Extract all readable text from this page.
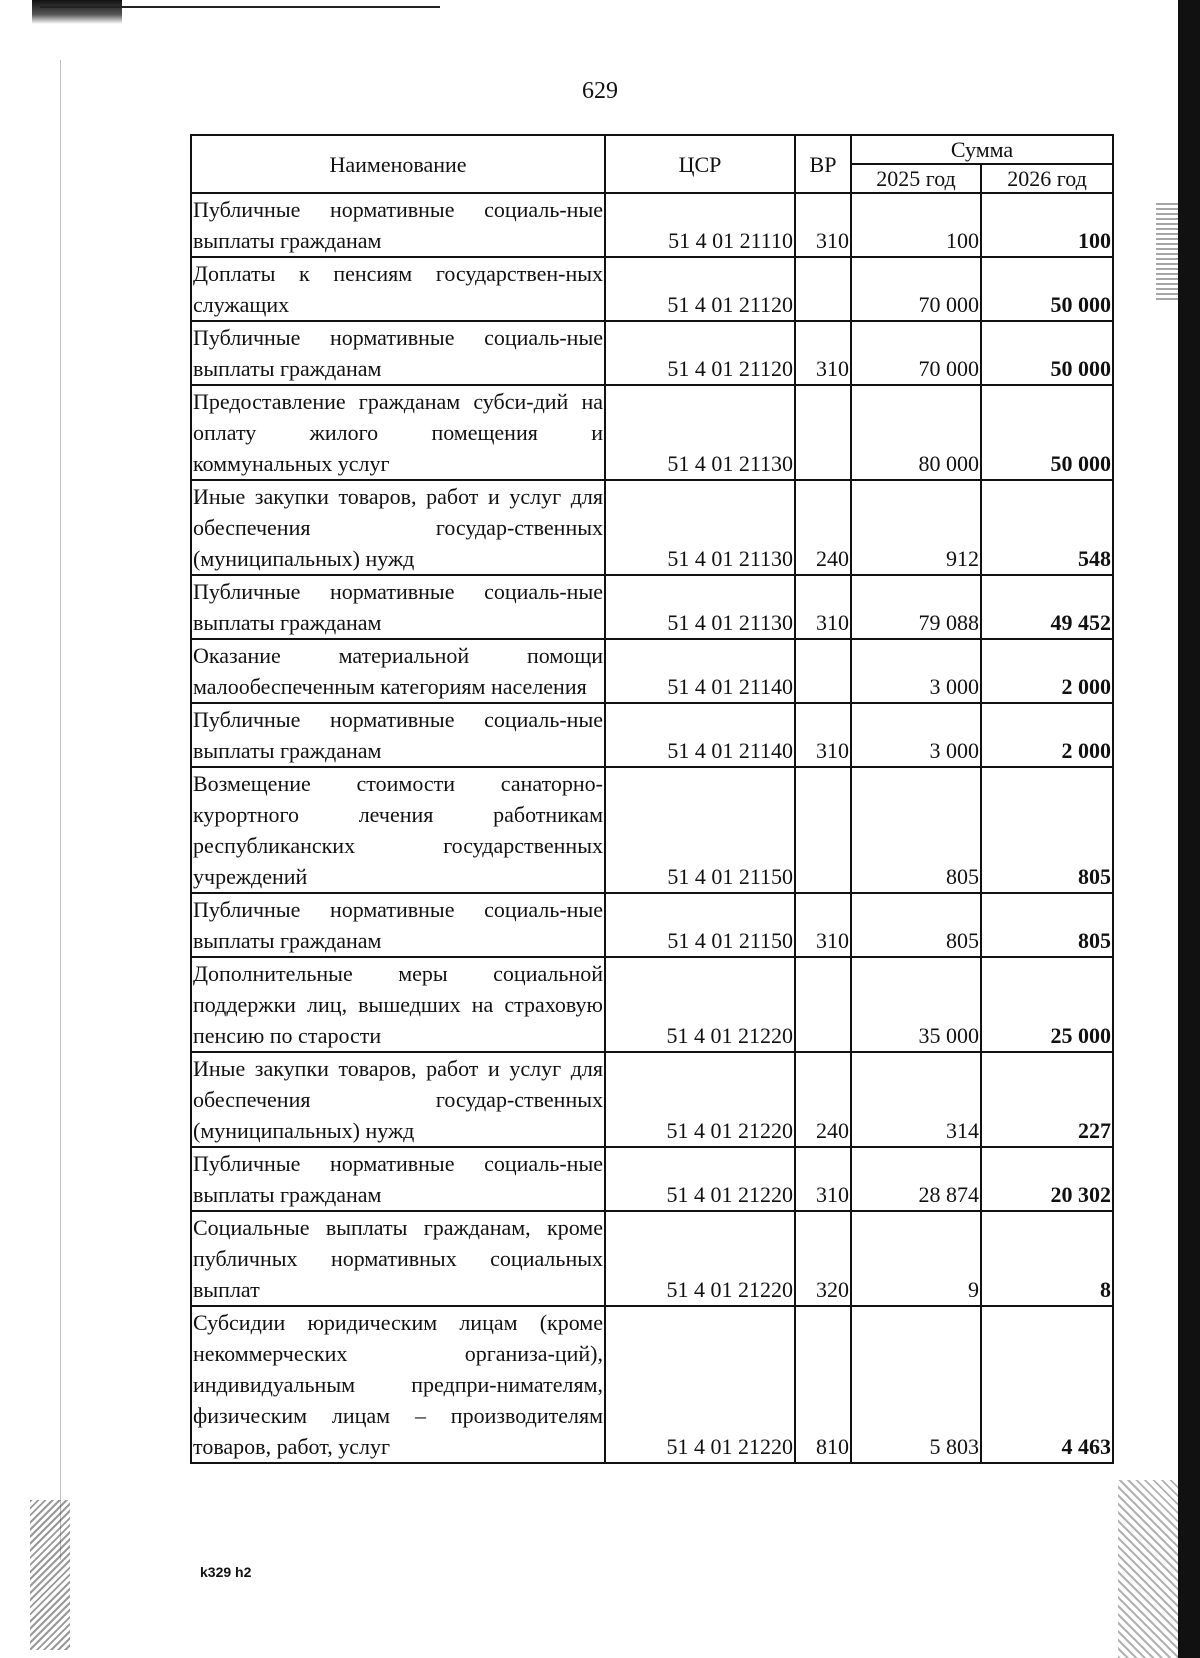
629
Наименование	ЦСР	ВР	Сумма	
			2025 год	2026 год
Публичные нормативные социаль-ные выплаты гражданам	51 4 01 21110	310	100	100
Доплаты к пенсиям государствен-ных служащих	51 4 01 21120		70 000	50 000
Публичные нормативные социаль-ные выплаты гражданам	51 4 01 21120	310	70 000	50 000
Предоставление гражданам субси-дий на оплату жилого помещения и коммунальных услуг	51 4 01 21130		80 000	50 000
Иные закупки товаров, работ и услуг для обеспечения государ-ственных (муниципальных) нужд	51 4 01 21130	240	912	548
Публичные нормативные социаль-ные выплаты гражданам	51 4 01 21130	310	79 088	49 452
Оказание материальной помощи малообеспеченным категориям населения	51 4 01 21140		3 000	2 000
Публичные нормативные социаль-ные выплаты гражданам	51 4 01 21140	310	3 000	2 000
Возмещение стоимости санаторно-курортного лечения работникам республиканских государственных учреждений	51 4 01 21150		805	805
Публичные нормативные социаль-ные выплаты гражданам	51 4 01 21150	310	805	805
Дополнительные меры социальной поддержки лиц, вышедших на страховую пенсию по старости	51 4 01 21220		35 000	25 000
Иные закупки товаров, работ и услуг для обеспечения государ-ственных (муниципальных) нужд	51 4 01 21220	240	314	227
Публичные нормативные социаль-ные выплаты гражданам	51 4 01 21220	310	28 874	20 302
Социальные выплаты гражданам, кроме публичных нормативных социальных выплат	51 4 01 21220	320	9	8
Субсидии юридическим лицам (кроме некоммерческих организа-ций), индивидуальным предпри-нимателям, физическим лицам – производителям товаров, работ, услуг	51 4 01 21220	810	5 803	4 463
k329 h2
